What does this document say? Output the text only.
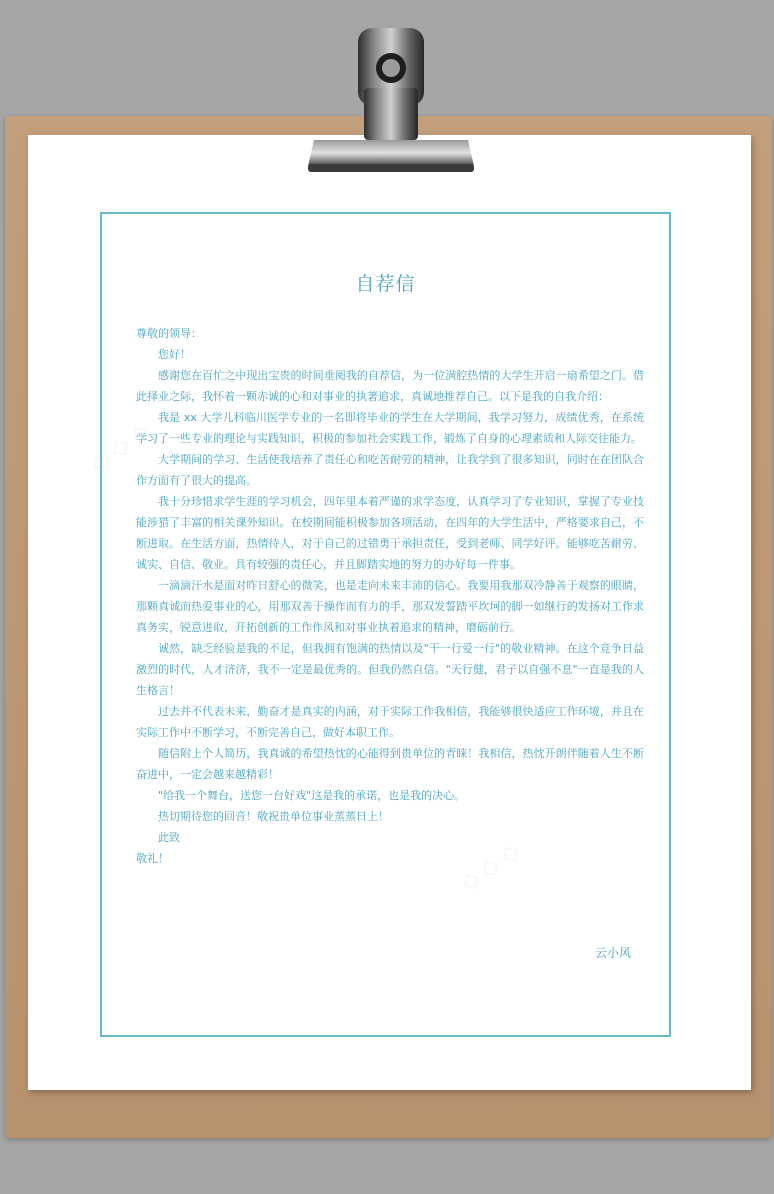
◇ ◇ ◇
◇ ◇ ◇
自荐信

尊敬的领导：

您好！

感谢您在百忙之中现出宝贵的时间垂阅我的自荐信，为一位满腔热情的大学生开启一扇希望之门。借此择业之际，我怀着一颗赤诚的心和对事业的执著追求，真诚地推荐自己。以下是我的自我介绍：

我是 xx 大学儿科临川医学专业的一名即将毕业的学生在大学期间，我学习努力，成绩优秀，在系统学习了一些专业的理论与实践知识，积极的参加社会实践工作，锻炼了自身的心理素质和人际交往能力。

大学期间的学习、生活使我培养了责任心和吃苦耐劳的精神，让我学到了很多知识，同时在在团队合作方面有了很大的提高。

我十分珍惜求学生涯的学习机会，四年里本着严谨的求学态度，认真学习了专业知识，掌握了专业技能涉猎了丰富的相关课外知识。在校期间能积极参加各项活动，在四年的大学生活中，严格要求自己，不断进取。在生活方面，热情待人，对于自己的过错勇于承担责任，受到老师、同学好评。能够吃苦耐劳、诚实、自信、敬业。具有较强的责任心，并且脚踏实地的努力的办好每一件事。

一滴滴汗水是面对昨日舒心的微笑，也是走向未来丰沛的信心。我要用我那双冷静善于观察的眼睛，那颗真诚而热爱事业的心，用那双善于操作而有力的手，那双发誓踏平坎坷的脚一如继行的发扬对工作求真务实，锐意进取，开拓创新的工作作风和对事业执着追求的精神，磨砺前行。

诚然，缺乏经验是我的不足，但我拥有饱满的热情以及"干一行爱一行"的敬业精神。在这个竞争日益激烈的时代，人才济济，我不一定是最优秀的。但我仍然自信。"天行健，君子以自强不息"一直是我的人生格言！

过去并不代表未来，勤奋才是真实的内涵，对于实际工作我相信，我能够很快适应工作环境，并且在实际工作中不断学习，不断完善自己，做好本职工作。

随信附上个人简历，我真诚的希望热忱的心能得到贵单位的青睐！我相信，热忱开朗伴随着人生不断奋进中，一定会越来越精彩！

"给我一个舞台，送您一台好戏"这是我的承诺，也是我的决心。

热切期待您的回音！敬祝贵单位事业蒸蒸日上！

此致

敬礼！

云小风
